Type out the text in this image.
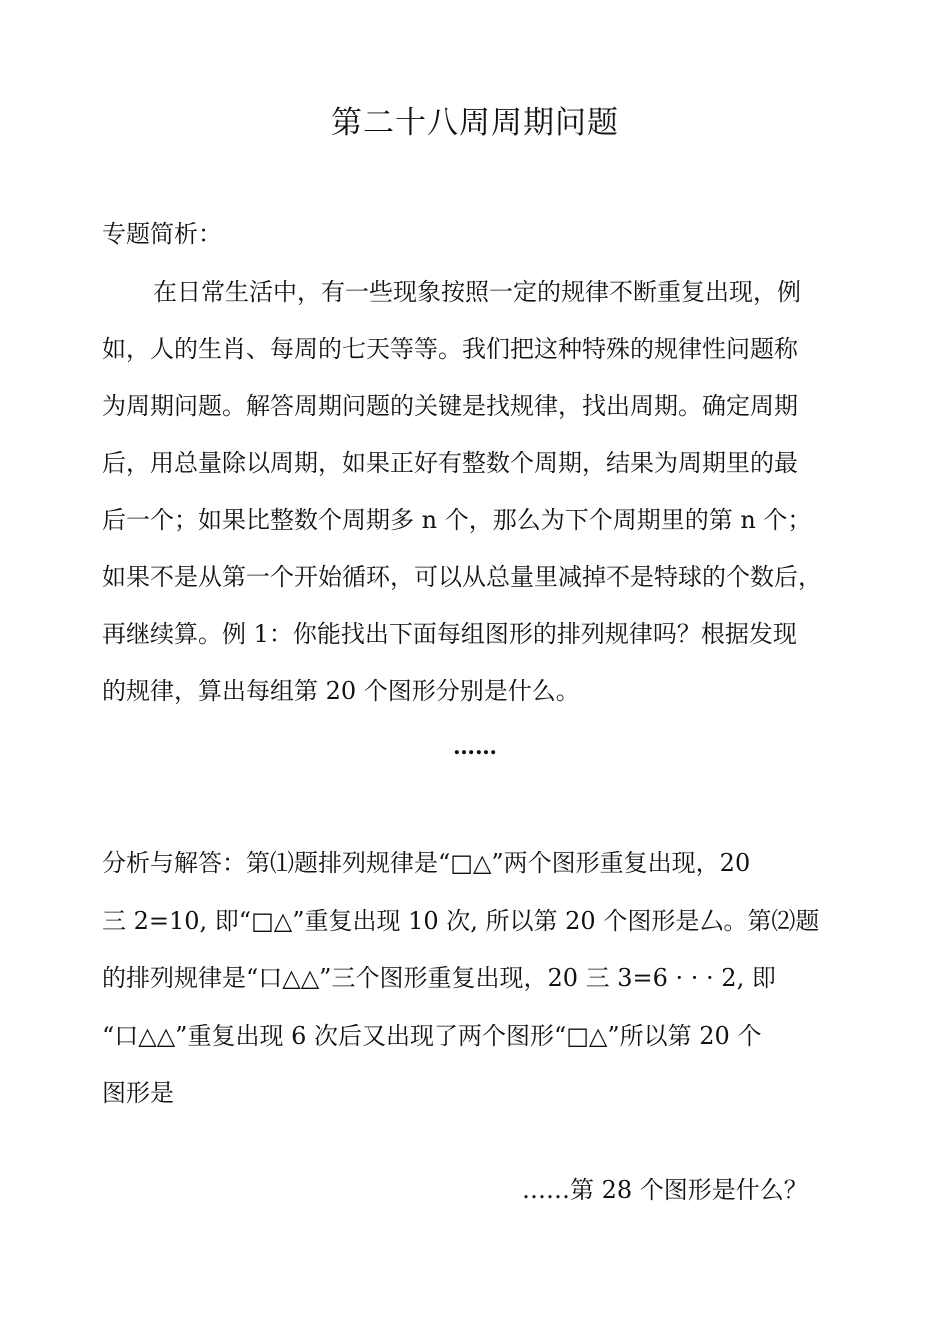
第二十八周周期问题
专题简析：
在日常生活中，有一些现象按照一定的规律不断重复出现，例
如，人的生肖、每周的七天等等。我们把这种特殊的规律性问题称
为周期问题。解答周期问题的关键是找规律，找出周期。确定周期
后，用总量除以周期，如果正好有整数个周期，结果为周期里的最
后一个；如果比整数个周期多 n 个，那么为下个周期里的第 n 个；
如果不是从第一个开始循环，可以从总量里减掉不是特球的个数后，
再继续算。例 1：你能找出下面每组图形的排列规律吗？根据发现
的规律，算出每组第 20 个图形分别是什么。
……
分析与解答：第⑴题排列规律是“□△”两个图形重复出现，20
三 2=10, 即“□△”重复出现 10 次, 所以第 20 个图形是厶。第⑵题
的排列规律是“口△△”三个图形重复出现，20 三 3=6 · · · 2, 即
“口△△”重复出现 6 次后又出现了两个图形“□△”所以第 20 个
图形是
……第 28 个图形是什么？
